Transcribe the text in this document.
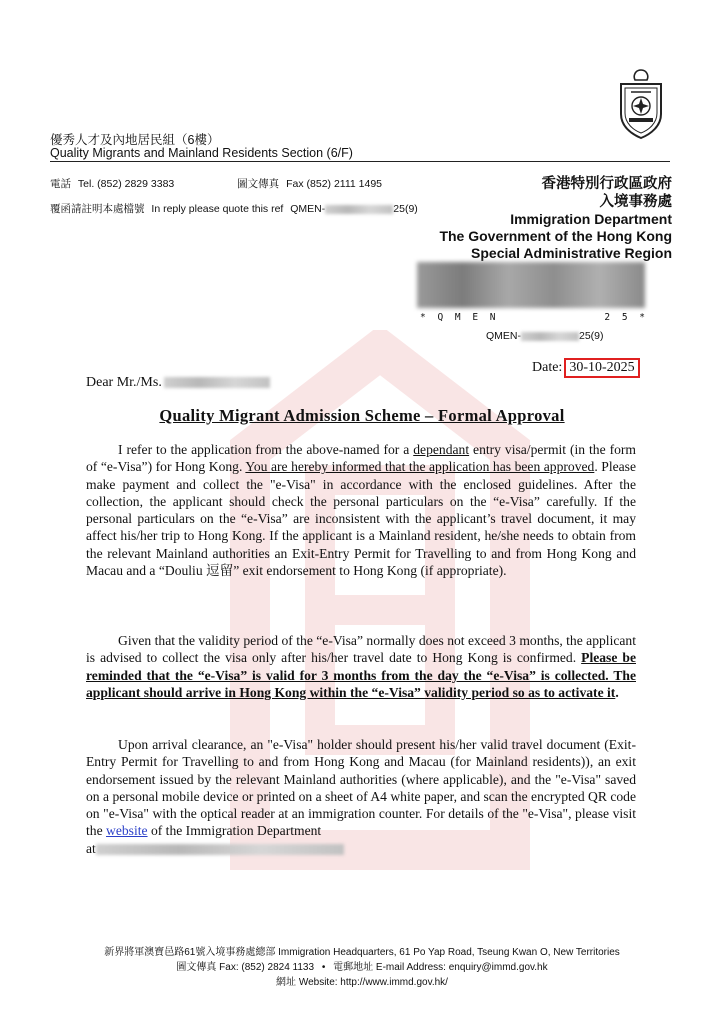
優秀人才及內地居民組（6樓）
Quality Migrants and Mainland Residents Section (6/F)
電話 Tel. (852) 2829 3383	圖文傳真 Fax (852) 2111 1495
覆函請註明本處檔號 In reply please quote this ref QMEN-	25(9)
香港特別行政區政府
入境事務處
Immigration Department
The Government of the Hong Kong
Special Administrative Region
* Q M E N	2 5 *
QMEN-	25(9)
Date: 30-10-2025
Dear Mr./Ms.
Quality Migrant Admission Scheme – Formal Approval
I refer to the application from the above-named for a dependant entry visa/permit (in the form of “e-Visa”) for Hong Kong. You are hereby informed that the application has been approved. Please make payment and collect the "e-Visa" in accordance with the enclosed guidelines. After the collection, the applicant should check the personal particulars on the “e-Visa” carefully. If the personal particulars on the “e-Visa” are inconsistent with the applicant’s travel document, it may affect his/her trip to Hong Kong. If the applicant is a Mainland resident, he/she needs to obtain from the relevant Mainland authorities an Exit-Entry Permit for Travelling to and from Hong Kong and Macau and a “Douliu 逗留” exit endorsement to Hong Kong (if appropriate).
Given that the validity period of the “e-Visa” normally does not exceed 3 months, the applicant is advised to collect the visa only after his/her travel date to Hong Kong is confirmed. Please be reminded that the “e-Visa” is valid for 3 months from the day the “e-Visa” is collected. The applicant should arrive in Hong Kong within the “e-Visa” validity period so as to activate it.
Upon arrival clearance, an "e-Visa" holder should present his/her valid travel document (Exit-Entry Permit for Travelling to and from Hong Kong and Macau (for Mainland residents)), an exit endorsement issued by the relevant Mainland authorities (where applicable), and the "e-Visa" saved on a personal mobile device or printed on a sheet of A4 white paper, and scan the encrypted QR code on "e-Visa" with the optical reader at an immigration counter. For details of the "e-Visa", please visit the website of the Immigration Department
at
新界將軍澳寶邑路61號入境事務處總部 Immigration Headquarters, 61 Po Yap Road, Tseung Kwan O, New Territories
圖文傳真 Fax: (852) 2824 1133 • 電郵地址 E-mail Address: enquiry@immd.gov.hk
網址 Website: http://www.immd.gov.hk/
